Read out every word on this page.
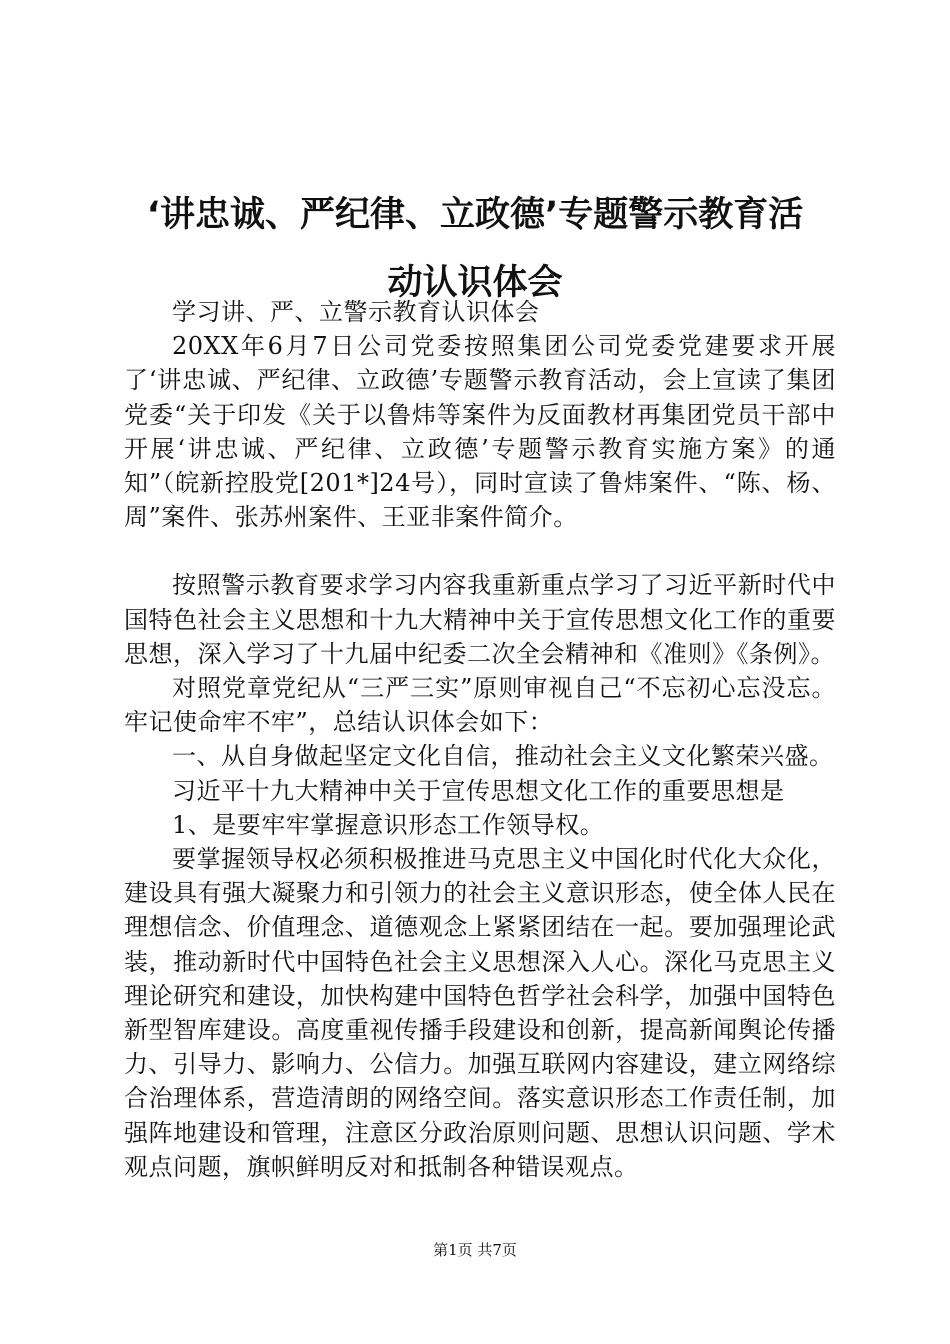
‘讲忠诚、严纪律、立政德’专题警示教育活
动认识体会

学习讲、严、立警示教育认识体会

20XX年6月7日公司党委按照集团公司党委党建要求开展了‘讲忠诚、严纪律、立政德’专题警示教育活动，会上宣读了集团党委“关于印发《关于以鲁炜等案件为反面教材再集团党员干部中开展‘讲忠诚、严纪律、立政德’专题警示教育实施方案》的通知”（皖新控股党[201*]24号），同时宣读了鲁炜案件、“陈、杨、周”案件、张苏州案件、王亚非案件简介。

按照警示教育要求学习内容我重新重点学习了习近平新时代中国特色社会主义思想和十九大精神中关于宣传思想文化工作的重要思想，深入学习了十九届中纪委二次全会精神和《准则》《条例》。

对照党章党纪从“三严三实”原则审视自己“不忘初心忘没忘。牢记使命牢不牢”，总结认识体会如下：

一、从自身做起坚定文化自信，推动社会主义文化繁荣兴盛。

习近平十九大精神中关于宣传思想文化工作的重要思想是

1、是要牢牢掌握意识形态工作领导权。

要掌握领导权必须积极推进马克思主义中国化时代化大众化，建设具有强大凝聚力和引领力的社会主义意识形态，使全体人民在理想信念、价值理念、道德观念上紧紧团结在一起。要加强理论武装，推动新时代中国特色社会主义思想深入人心。深化马克思主义理论研究和建设，加快构建中国特色哲学社会科学，加强中国特色新型智库建设。高度重视传播手段建设和创新，提高新闻舆论传播力、引导力、影响力、公信力。加强互联网内容建设，建立网络综合治理体系，营造清朗的网络空间。落实意识形态工作责任制，加强阵地建设和管理，注意区分政治原则问题、思想认识问题、学术观点问题，旗帜鲜明反对和抵制各种错误观点。

第1页 共7页
